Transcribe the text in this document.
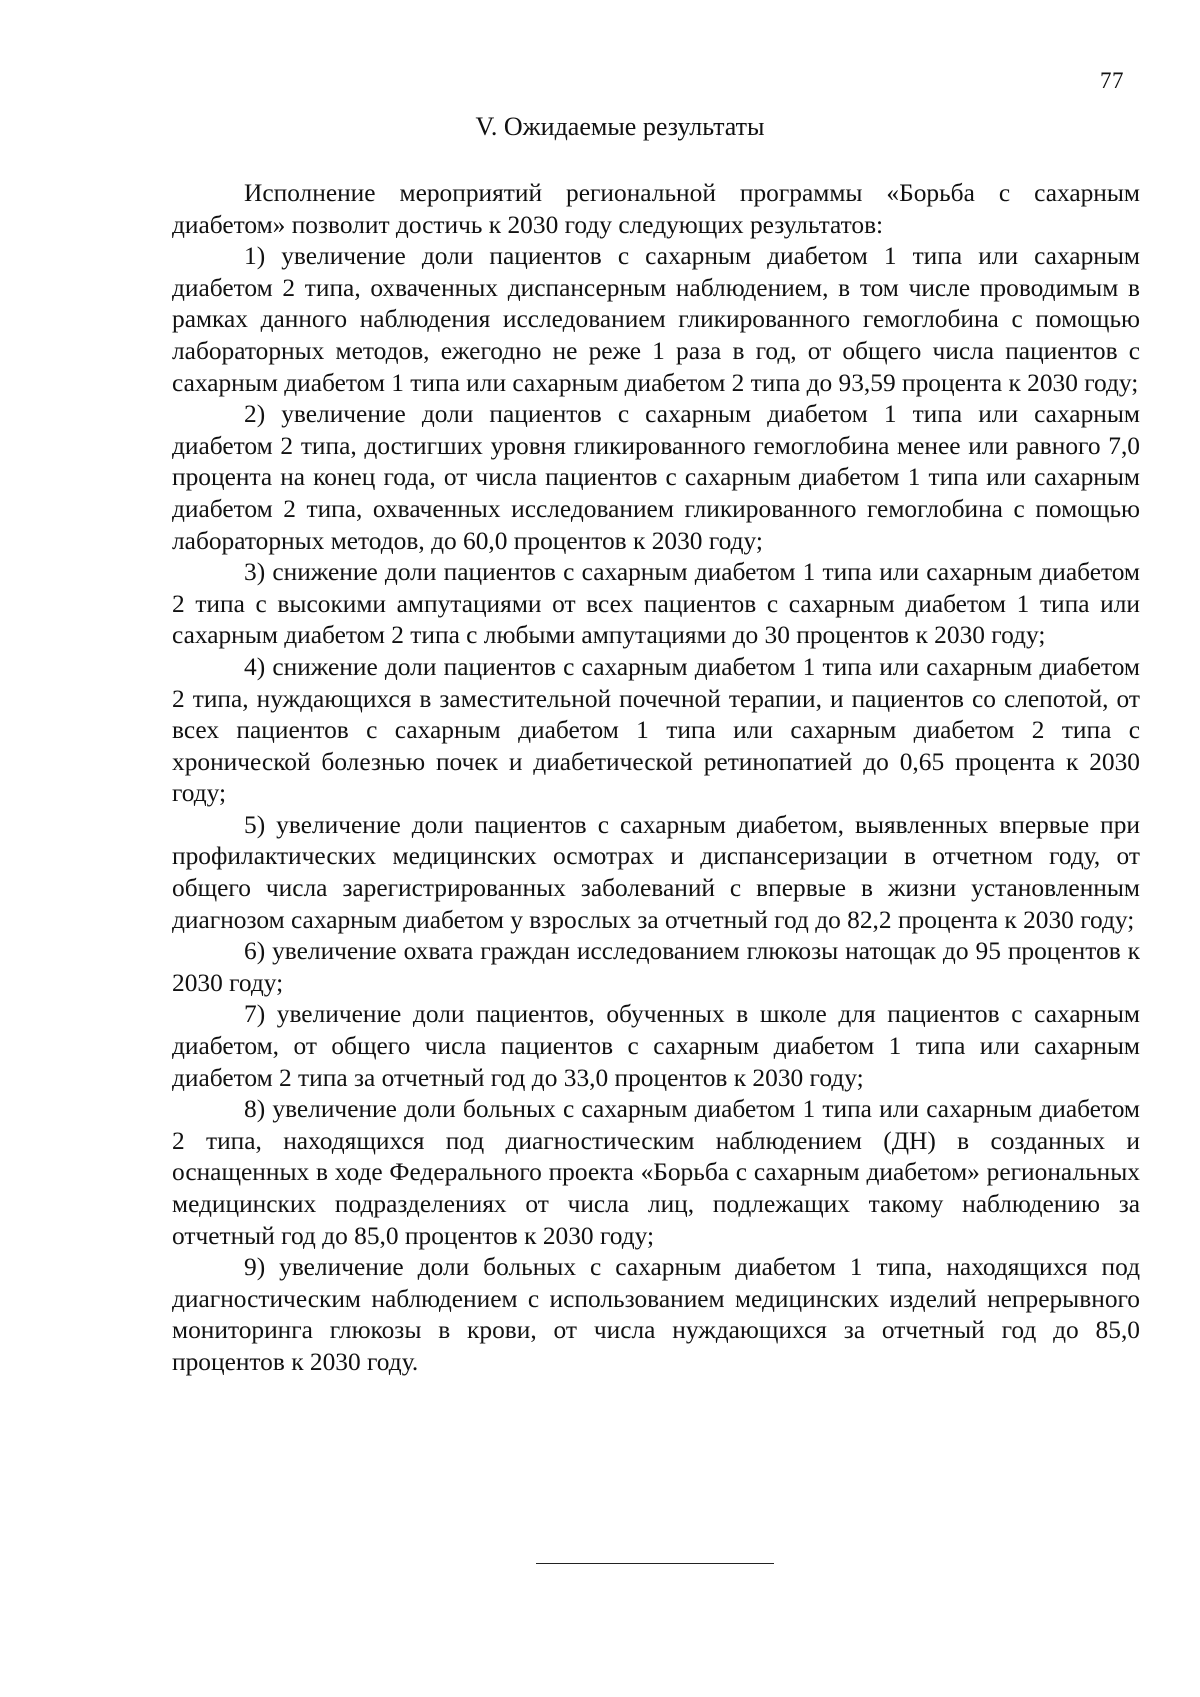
77
V. Ожидаемые результаты

Исполнение мероприятий региональной программы «Борьба с сахарным диабетом» позволит достичь к 2030 году следующих результатов:

1) увеличение доли пациентов с сахарным диабетом 1 типа или сахарным диабетом 2 типа, охваченных диспансерным наблюдением, в том числе проводимым в рамках данного наблюдения исследованием гликированного гемоглобина с помощью лабораторных методов, ежегодно не реже 1 раза в год, от общего числа пациентов с сахарным диабетом 1 типа или сахарным диабетом 2 типа до 93,59 процента к 2030 году;

2) увеличение доли пациентов с сахарным диабетом 1 типа или сахарным диабетом 2 типа, достигших уровня гликированного гемоглобина менее или равного 7,0 процента на конец года, от числа пациентов с сахарным диабетом 1 типа или сахарным диабетом 2 типа, охваченных исследованием гликированного гемоглобина с помощью лабораторных методов, до 60,0 процентов к 2030 году;

3) снижение доли пациентов с сахарным диабетом 1 типа или сахарным диабетом 2 типа с высокими ампутациями от всех пациентов с сахарным диабетом 1 типа или сахарным диабетом 2 типа с любыми ампутациями до 30 процентов к 2030 году;

4) снижение доли пациентов с сахарным диабетом 1 типа или сахарным диабетом 2 типа, нуждающихся в заместительной почечной терапии, и пациентов со слепотой, от всех пациентов с сахарным диабетом 1 типа или сахарным диабетом 2 типа с хронической болезнью почек и диабетической ретинопатией до 0,65 процента к 2030 году;

5) увеличение доли пациентов с сахарным диабетом, выявленных впервые при профилактических медицинских осмотрах и диспансеризации в отчетном году, от общего числа зарегистрированных заболеваний с впервые в жизни установленным диагнозом сахарным диабетом у взрослых за отчетный год до 82,2 процента к 2030 году;

6) увеличение охвата граждан исследованием глюкозы натощак до 95 процентов к 2030 году;

7) увеличение доли пациентов, обученных в школе для пациентов с сахарным диабетом, от общего числа пациентов с сахарным диабетом 1 типа или сахарным диабетом 2 типа за отчетный год до 33,0 процентов к 2030 году;

8) увеличение доли больных с сахарным диабетом 1 типа или сахарным диабетом 2 типа, находящихся под диагностическим наблюдением (ДН) в созданных и оснащенных в ходе Федерального проекта «Борьба с сахарным диабетом» региональных медицинских подразделениях от числа лиц, подлежащих такому наблюдению за отчетный год до 85,0 процентов к 2030 году;

9) увеличение доли больных с сахарным диабетом 1 типа, находящихся под диагностическим наблюдением с использованием медицинских изделий непрерывного мониторинга глюкозы в крови, от числа нуждающихся за отчетный год до 85,0 процентов к 2030 году.
